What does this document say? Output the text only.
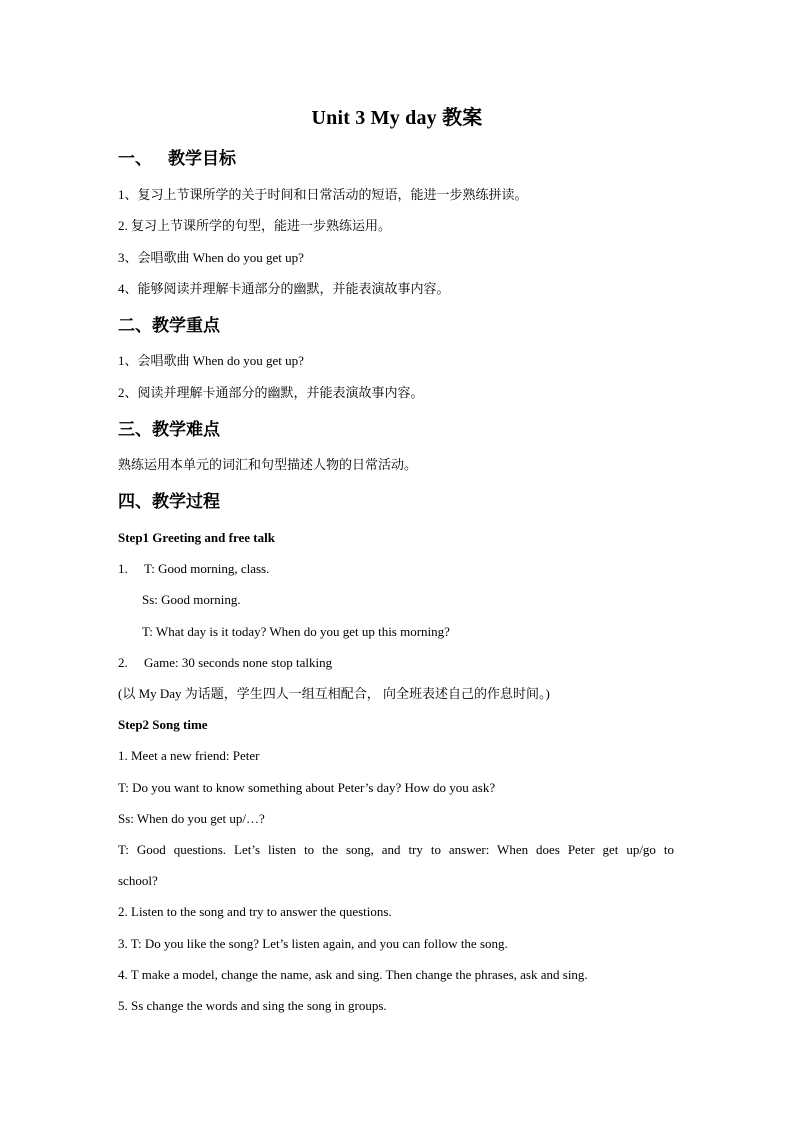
Unit 3 My day 教案
一、 教学目标
1、复习上节课所学的关于时间和日常活动的短语，能进一步熟练拼读。
2. 复习上节课所学的句型，能进一步熟练运用。
3、会唱歌曲 When do you get up?
4、能够阅读并理解卡通部分的幽默，并能表演故事内容。
二、教学重点
1、会唱歌曲 When do you get up?
2、阅读并理解卡通部分的幽默，并能表演故事内容。
三、教学难点
熟练运用本单元的词汇和句型描述人物的日常活动。
四、教学过程
Step1 Greeting and free talk
1. T: Good morning, class.
Ss: Good morning.
T: What day is it today? When do you get up this morning?
2. Game: 30 seconds none stop talking
(以 My Day 为话题，学生四人一组互相配合， 向全班表述自己的作息时间。)
Step2 Song time
1. Meet a new friend: Peter
T: Do you want to know something about Peter’s day? How do you ask?
Ss: When do you get up/…?
T: Good questions. Let’s listen to the song, and try to answer: When does Peter get up/go to
school?
2. Listen to the song and try to answer the questions.
3. T: Do you like the song? Let’s listen again, and you can follow the song.
4. T make a model, change the name, ask and sing. Then change the phrases, ask and sing.
5. Ss change the words and sing the song in groups.
